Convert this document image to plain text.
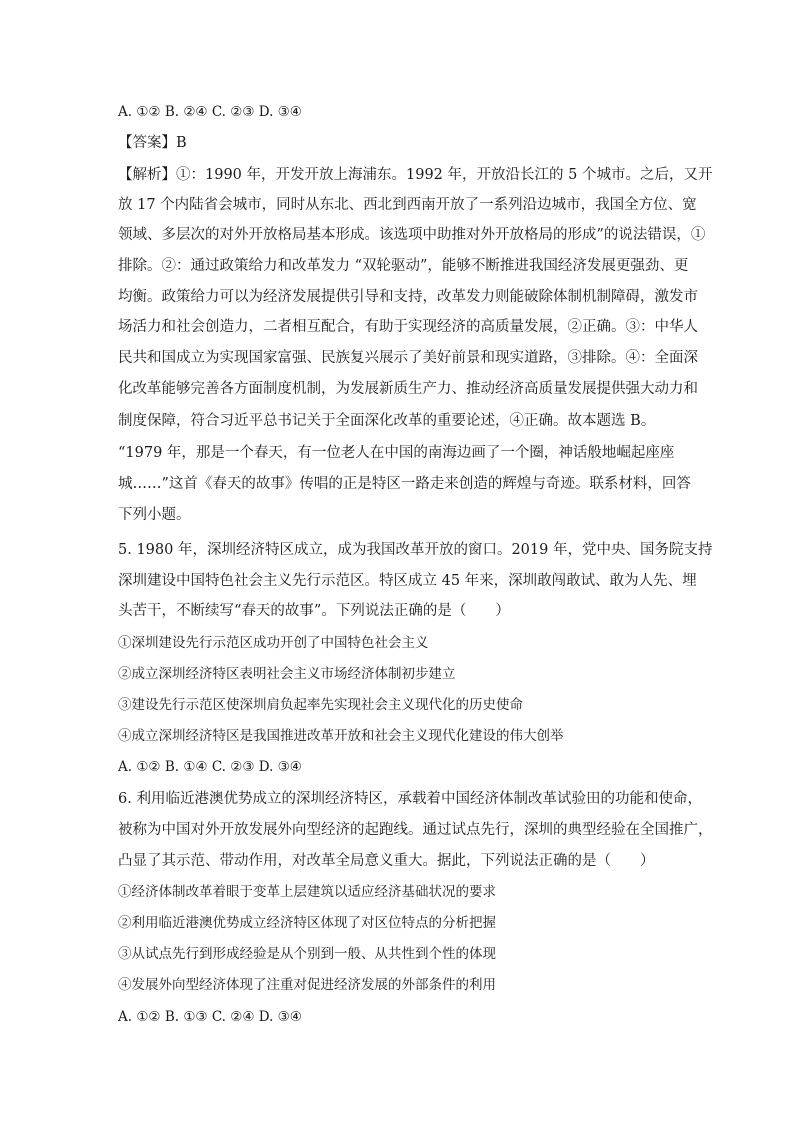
A. ①② B. ②④ C. ②③ D. ③④
【答案】B
【解析】①：1990 年，开发开放上海浦东。1992 年，开放沿长江的 5 个城市。之后，又开
放 17 个内陆省会城市，同时从东北、西北到西南开放了一系列沿边城市，我国全方位、宽
领域、多层次的对外开放格局基本形成。该选项中助推对外开放格局的形成”的说法错误，①
排除。②：通过政策给力和改革发力 “双轮驱动”，能够不断推进我国经济发展更强劲、更
均衡。政策给力可以为经济发展提供引导和支持，改革发力则能破除体制机制障碍，激发市
场活力和社会创造力，二者相互配合，有助于实现经济的高质量发展，②正确。③：中华人
民共和国成立为实现国家富强、民族复兴展示了美好前景和现实道路，③排除。④：全面深
化改革能够完善各方面制度机制，为发展新质生产力、推动经济高质量发展提供强大动力和
制度保障，符合习近平总书记关于全面深化改革的重要论述，④正确。故本题选 B。
“1979 年，那是一个春天，有一位老人在中国的南海边画了一个圈，神话般地崛起座座
城……”这首《春天的故事》传唱的正是特区一路走来创造的辉煌与奇迹。联系材料，回答
下列小题。
5. 1980 年，深圳经济特区成立，成为我国改革开放的窗口。2019 年，党中央、国务院支持
深圳建设中国特色社会主义先行示范区。特区成立 45 年来，深圳敢闯敢试、敢为人先、埋
头苦干，不断续写“春天的故事”。下列说法正确的是（　　）
①深圳建设先行示范区成功开创了中国特色社会主义
②成立深圳经济特区表明社会主义市场经济体制初步建立
③建设先行示范区使深圳肩负起率先实现社会主义现代化的历史使命
④成立深圳经济特区是我国推进改革开放和社会主义现代化建设的伟大创举
A. ①② B. ①④ C. ②③ D. ③④
6. 利用临近港澳优势成立的深圳经济特区，承载着中国经济体制改革试验田的功能和使命，
被称为中国对外开放发展外向型经济的起跑线。通过试点先行，深圳的典型经验在全国推广，
凸显了其示范、带动作用，对改革全局意义重大。据此，下列说法正确的是（　　）
①经济体制改革着眼于变革上层建筑以适应经济基础状况的要求
②利用临近港澳优势成立经济特区体现了对区位特点的分析把握
③从试点先行到形成经验是从个别到一般、从共性到个性的体现
④发展外向型经济体现了注重对促进经济发展的外部条件的利用
A. ①② B. ①③ C. ②④ D. ③④
